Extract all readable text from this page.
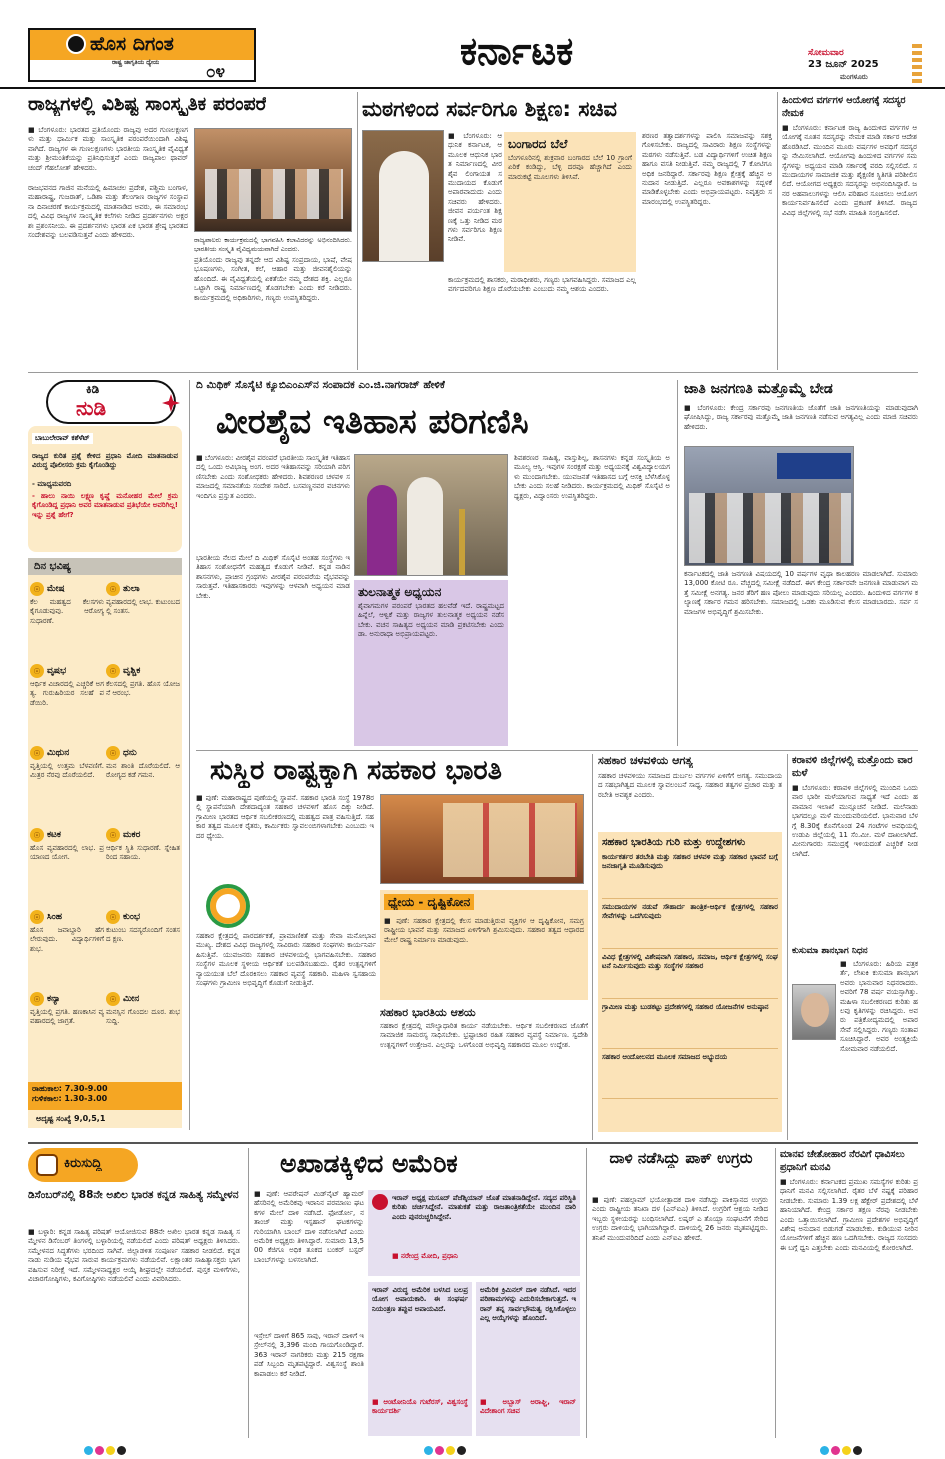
ಹೊಸ ದಿಗಂತ
ರಾಷ್ಟ್ರ ಜಾಗೃತಿಯ ಧ್ಯೇಯ	೦೪	ಕರ್ನಾಟಕ	ಸೋಮವಾರ
23 ಜೂನ್ 2025
ಮಂಗಳೂರು
ರಾಜ್ಯಗಳಲ್ಲಿ ವಿಶಿಷ್ಟ ಸಾಂಸ್ಕೃತಿಕ ಪರಂಪರೆ
■ ಬೆಂಗಳೂರು: ಭಾರತದ ಪ್ರತಿಯೊಂದು ರಾಜ್ಯವು ಅದರ ಗುಣಲಕ್ಷಣಗಳು ಮತ್ತು ಧಾರ್ಮಿಕ ಮತ್ತು ಸಾಂಸ್ಕೃತಿಕ ಪರಂಪರೆಯಿಂದಾಗಿ ವಿಶಿಷ್ಟವಾಗಿದೆ. ರಾಜ್ಯಗಳ ಈ ಗುಣಲಕ್ಷಣಗಳು ಭಾರತೀಯ ಸಾಂಸ್ಕೃತಿಕ ವೈವಿಧ್ಯತೆ ಮತ್ತು ಶ್ರೀಮಂತಿಕೆಯನ್ನು ಪ್ರತಿನಿಧಿಸುತ್ತವೆ ಎಂದು ರಾಜ್ಯಪಾಲ ಥಾವರ್ ಚಂದ್ ಗೆಹಲೋತ್ ಹೇಳಿದರು.
ರಾಜಭವನದ ಗಾಜಿನ ಮನೆಯಲ್ಲಿ ಹಿಮಾಚಲ ಪ್ರದೇಶ, ಪಶ್ಚಿಮ ಬಂಗಾಳ, ಮಹಾರಾಷ್ಟ್ರ, ಗುಜರಾತ್, ಒಡಿಶಾ ಮತ್ತು ತೆಲಂಗಾಣ ರಾಜ್ಯಗಳ ಸಂಸ್ಥಾಪನಾ ದಿನಾಚರಣೆ ಕಾರ್ಯಕ್ರಮದಲ್ಲಿ ಮಾತನಾಡಿದ ಅವರು, ಈ ಸಮಾರಂಭದಲ್ಲಿ ವಿವಿಧ ರಾಜ್ಯಗಳ ಸಾಂಸ್ಕೃತಿಕ ಕಲೆಗಳು ನೀಡಿದ ಪ್ರದರ್ಶನಗಳು ಅಕ್ಷರಶಃ ಪ್ರಶಂಸನೀಯ. ಈ ಪ್ರದರ್ಶನಗಳು ಭಾರತ ಏಕ ಭಾರತ ಶ್ರೇಷ್ಠ ಭಾರತದ ಸಂದೇಶವನ್ನು ಬಲಪಡಿಸುತ್ತವೆ ಎಂದು ಹೇಳಿದರು.
ರಾಜ್ಯಪಾಲರು ಕಾರ್ಯಕ್ರಮದಲ್ಲಿ ಭಾಗವಹಿಸಿ ಕಲಾವಿದರನ್ನು ಅಭಿನಂದಿಸಿದರು. ಭಾರತೀಯ ಸಂಸ್ಕೃತಿ ವೈವಿಧ್ಯಮಯವಾಗಿದೆ ಎಂದರು.
ಪ್ರತಿಯೊಂದು ರಾಜ್ಯವು ತನ್ನದೇ ಆದ ವಿಶಿಷ್ಟ ಸಂಪ್ರದಾಯ, ಭಾಷೆ, ವೇಷಭೂಷಣಗಳು, ಸಂಗೀತ, ಕಲೆ, ಆಹಾರ ಮತ್ತು ಜೀವನಶೈಲಿಯನ್ನು ಹೊಂದಿದೆ. ಈ ವೈವಿಧ್ಯತೆಯಲ್ಲಿ ಏಕತೆಯೇ ನಮ್ಮ ದೇಶದ ಶಕ್ತಿ. ಎಲ್ಲರೂ ಒಟ್ಟಾಗಿ ರಾಷ್ಟ್ರ ನಿರ್ಮಾಣದಲ್ಲಿ ತೊಡಗಬೇಕು ಎಂದು ಕರೆ ನೀಡಿದರು. ಕಾರ್ಯಕ್ರಮದಲ್ಲಿ ಅಧಿಕಾರಿಗಳು, ಗಣ್ಯರು ಉಪಸ್ಥಿತರಿದ್ದರು.
ಮಠಗಳಿಂದ ಸರ್ವರಿಗೂ ಶಿಕ್ಷಣ: ಸಚಿವ
■ ಬೆಂಗಳೂರು: ಆಧುನಿಕ ಕರ್ನಾಟಕ, ಆ ಮೂಲಕ ಆಧುನಿಕ ಭಾರತ ನಿರ್ಮಾಣದಲ್ಲಿ ವೀರಶೈವ ಲಿಂಗಾಯತ ಸಮುದಾಯದ ಕೊಡುಗೆ ಅಪಾರವಾದುದು ಎಂದು ಸಚಿವರು ಹೇಳಿದರು. ಜೀವನ ಪರ್ಯಂತ ಶಿಕ್ಷಣಕ್ಕೆ ಒತ್ತು ನೀಡಿದ ಮಠಗಳು ಸರ್ವರಿಗೂ ಶಿಕ್ಷಣ ನೀಡಿವೆ.
ಬಂಗಾರದ ಬೆಲೆ
ಬೆಂಗಳೂರಿನಲ್ಲಿ ಶುಕ್ರವಾರ ಬಂಗಾರದ ಬೆಲೆ 10 ಗ್ರಾಂಗೆ ಏರಿಕೆ ಕಂಡಿದ್ದು, ಬೆಳ್ಳಿ ದರವೂ ಹೆಚ್ಚಾಗಿದೆ ಎಂದು ಮಾರುಕಟ್ಟೆ ಮೂಲಗಳು ತಿಳಿಸಿವೆ.
ಕಾರ್ಯಕ್ರಮದಲ್ಲಿ ಶಾಸಕರು, ಮಠಾಧೀಶರು, ಗಣ್ಯರು ಭಾಗವಹಿಸಿದ್ದರು. ಸಮಾಜದ ಎಲ್ಲ ವರ್ಗದವರಿಗೂ ಶಿಕ್ಷಣ ದೊರೆಯಬೇಕು ಎಂಬುದು ನಮ್ಮ ಆಶಯ ಎಂದರು.
ಶರಣರ ತತ್ವಾದರ್ಶಗಳನ್ನು ಪಾಲಿಸಿ ಸಮಾಜವನ್ನು ಸಶಕ್ತಗೊಳಿಸಬೇಕು. ರಾಜ್ಯದಲ್ಲಿ ಸಾವಿರಾರು ಶಿಕ್ಷಣ ಸಂಸ್ಥೆಗಳನ್ನು ಮಠಗಳು ನಡೆಸುತ್ತಿವೆ. ಬಡ ವಿದ್ಯಾರ್ಥಿಗಳಿಗೆ ಉಚಿತ ಶಿಕ್ಷಣ ಹಾಗೂ ವಸತಿ ನೀಡುತ್ತಿವೆ. ನಮ್ಮ ರಾಜ್ಯದಲ್ಲಿ 7 ಕೋಟಿಗೂ ಅಧಿಕ ಜನರಿದ್ದಾರೆ. ಸರ್ಕಾರವು ಶಿಕ್ಷಣ ಕ್ಷೇತ್ರಕ್ಕೆ ಹೆಚ್ಚಿನ ಅನುದಾನ ನೀಡುತ್ತಿದೆ. ಎಲ್ಲರೂ ಅವಕಾಶಗಳನ್ನು ಸದ್ಬಳಕೆ ಮಾಡಿಕೊಳ್ಳಬೇಕು ಎಂದು ಅಭಿಪ್ರಾಯಪಟ್ಟರು. ನಿವೃತ್ತರು ಸಮಾರಂಭದಲ್ಲಿ ಉಪಸ್ಥಿತರಿದ್ದರು.
ಹಿಂದುಳಿದ ವರ್ಗಗಳ ಆಯೋಗಕ್ಕೆ ಸದಸ್ಯರ ನೇಮಕ
■ ಬೆಂಗಳೂರು: ಕರ್ನಾಟಕ ರಾಜ್ಯ ಹಿಂದುಳಿದ ವರ್ಗಗಳ ಆಯೋಗಕ್ಕೆ ನೂತನ ಸದಸ್ಯರನ್ನು ನೇಮಕ ಮಾಡಿ ಸರ್ಕಾರ ಆದೇಶ ಹೊರಡಿಸಿದೆ. ಮುಂದಿನ ಮೂರು ವರ್ಷಗಳ ಅವಧಿಗೆ ಸದಸ್ಯರನ್ನು ನೇಮಿಸಲಾಗಿದೆ. ಆಯೋಗವು ಹಿಂದುಳಿದ ವರ್ಗಗಳ ಸಮಸ್ಯೆಗಳನ್ನು ಅಧ್ಯಯನ ಮಾಡಿ ಸರ್ಕಾರಕ್ಕೆ ವರದಿ ಸಲ್ಲಿಸಲಿದೆ. ಸಮುದಾಯಗಳ ಸಾಮಾಜಿಕ ಮತ್ತು ಶೈಕ್ಷಣಿಕ ಸ್ಥಿತಿಗತಿ ಪರಿಶೀಲಿಸಲಿದೆ. ಆಯೋಗದ ಅಧ್ಯಕ್ಷರು ಸದಸ್ಯರನ್ನು ಅಭಿನಂದಿಸಿದ್ದಾರೆ. ಜನರ ಅಹವಾಲುಗಳನ್ನು ಆಲಿಸಿ ಪರಿಹಾರ ಸೂಚಿಸಲು ಆಯೋಗ ಕಾರ್ಯನಿರ್ವಹಿಸಲಿದೆ ಎಂದು ಪ್ರಕಟಣೆ ತಿಳಿಸಿದೆ. ರಾಜ್ಯದ ವಿವಿಧ ಜಿಲ್ಲೆಗಳಲ್ಲಿ ಸಭೆ ನಡೆಸಿ ಮಾಹಿತಿ ಸಂಗ್ರಹಿಸಲಿದೆ.
ಕಿಡಿ
ನುಡಿ
ಬಾಬುಲೇರಾವ್ ಕಶೆಳೆಟ್
ರಾಜ್ಯದ ಕುರಿತ ಪ್ರಶ್ನೆ ಕೇಳಿದ ಪ್ರಧಾನಿ ಮೋದಿ ಮಾತನಾಡುವ ವಿರುದ್ಧ ಪೊಲೀಸರು ಕ್ರಮ ಕೈಗೊಂಡಿದ್ದು
- ಮಾಧ್ಯಮವರದಿ
- ಹಾಲು ನಾಯಿ ಲಕ್ಷ್ಮಣ ಕೃಷ್ಣೆ ಮನೋಹರ ಮೇಲೆ ಕ್ರಮ ಕೈಗೊಂಡಿದ್ದ ಪ್ರಧಾನಿ ಅವರ ಮಾತನಾಡುವ ಪ್ರತಿಭೆಯೇ ಅವರಿಗಿಲ್ಲ! ಇನ್ನು ಪ್ರಶ್ನೆ ಹೇಗೆ?
ದಿನ ಭವಿಷ್ಯ
☉ ಮೇಷ
ಕೆಲ ಮಹತ್ವದ ಕೆಲಸಗಳು ಕೈಗೂಡುವುವು. ಆರೋಗ್ಯ ಸುಧಾರಣೆ.
☉ ತುಲಾ
ವ್ಯವಹಾರದಲ್ಲಿ ಲಾಭ. ಕುಟುಂಬದಲ್ಲಿ ಸಂತಸ.
☉ ವೃಷಭ
ಆರ್ಥಿಕ ವಿಚಾರದಲ್ಲಿ ಎಚ್ಚರಿಕೆ ಅಗತ್ಯ. ಗುರುಹಿರಿಯರ ಸಲಹೆ ಪಡೆಯಿರಿ.
☉ ವೃಶ್ಚಿಕ
ಕೆಲಸದಲ್ಲಿ ಪ್ರಗತಿ. ಹೊಸ ಯೋಜನೆ ಆರಂಭ.
☉ ಮಿಥುನ
ವೃತ್ತಿಯಲ್ಲಿ ಉತ್ತಮ ಬೆಳವಣಿಗೆ. ಮಿತ್ರರ ನೆರವು ದೊರೆಯಲಿದೆ.
☉ ಧನು
ಮನ ಶಾಂತಿ ದೊರೆಯಲಿದೆ. ಆರೋಗ್ಯದ ಕಡೆ ಗಮನ.
☉ ಕಟಕ
ಹೊಸ ವ್ಯವಹಾರದಲ್ಲಿ ಲಾಭ. ಪ್ರಯಾಣದ ಯೋಗ.
☉ ಮಕರ
ಆರ್ಥಿಕ ಸ್ಥಿತಿ ಸುಧಾರಣೆ. ಸ್ನೇಹಿತರಿಂದ ಸಹಾಯ.
☉ ಸಿಂಹ
ಹೊಸ ಜವಾಬ್ದಾರಿ ಹೆಗಲೇರುವುದು. ವಿದ್ಯಾರ್ಥಿಗಳಿಗೆ ಶುಭ.
☉ ಕುಂಭ
ಕುಟುಂಬ ಸದಸ್ಯರೊಂದಿಗೆ ಸಂತಸದ ಕ್ಷಣ.
☉ ಕನ್ಯಾ
ವೃತ್ತಿಯಲ್ಲಿ ಪ್ರಗತಿ. ಹಣಕಾಸಿನ ವ್ಯವಹಾರದಲ್ಲಿ ಜಾಗ್ರತೆ.
☉ ಮೀನ
ಮನಸ್ಸಿನ ಗೊಂದಲ ದೂರ. ಶುಭ ಸುದ್ದಿ.
ರಾಹುಕಾಲ: 7.30-9.00
ಗುಳಿಕಕಾಲ: 1.30-3.00
ಅದೃಷ್ಟ ಸಂಖ್ಯೆ 9,0,5,1
ದಿ ಮಿಥಿಕ್ ಸೊಸೈಟಿ ಕ್ಯೂಬಿಎಂಎಸ್‌ನ ಸಂಪಾದಕ ಎಂ.ಜಿ.ನಾಗರಾಜ್ ಹೇಳಿಕೆ
ವೀರಶೈವ ಇತಿಹಾಸ ಪರಿಗಣಿಸಿ
■ ಬೆಂಗಳೂರು: ವೀರಶೈವ ಪರಂಪರೆ ಭಾರತೀಯ ಸಾಂಸ್ಕೃತಿಕ ಇತಿಹಾಸದಲ್ಲಿ ಒಂದು ಅವಿಭಾಜ್ಯ ಅಂಗ. ಅದರ ಇತಿಹಾಸವನ್ನು ಸರಿಯಾಗಿ ಪರಿಗಣಿಸಬೇಕು ಎಂದು ಸಂಶೋಧಕರು ಹೇಳಿದರು. ಶಿವಶರಣರ ಚಳವಳಿ ಸಮಾಜದಲ್ಲಿ ಸಮಾನತೆಯ ಸಂದೇಶ ಸಾರಿದೆ. ಬಸವಣ್ಣನವರ ವಚನಗಳು ಇಂದಿಗೂ ಪ್ರಸ್ತುತ ಎಂದರು.
ಭಾರತೀಯ ನೆಲದ ಮೇಲೆ ದಿ ಮಿಥಿಕ್ ಸೊಸೈಟಿ ಅಂತಹ ಸಂಸ್ಥೆಗಳು ಇತಿಹಾಸ ಸಂಶೋಧನೆಗೆ ಮಹತ್ವದ ಕೊಡುಗೆ ನೀಡಿವೆ. ಕನ್ನಡ ನಾಡಿನ ಶಾಸನಗಳು, ಪ್ರಾಚೀನ ಗ್ರಂಥಗಳು ವೀರಶೈವ ಪರಂಪರೆಯ ವೈಭವವನ್ನು ಸಾರುತ್ತವೆ. ಇತಿಹಾಸಕಾರರು ಇವುಗಳನ್ನು ಆಳವಾಗಿ ಅಧ್ಯಯನ ಮಾಡಬೇಕು.	ತುಲನಾತ್ಮಕ ಅಧ್ಯಯನ
ಶೈವಾಗಮಗಳ ಪರಂಪರೆ ಭಾರತದ ಹಲವೆಡೆ ಇದೆ. ರಾಷ್ಟ್ರಮಟ್ಟದ ಹಿನ್ನೆಲೆ, ಆಳ್ವಿಕೆ ಮತ್ತು ರಾಜ್ಯಗಳ ತುಲನಾತ್ಮಕ ಅಧ್ಯಯನ ನಡೆಸಬೇಕು. ವಚನ ಸಾಹಿತ್ಯದ ಅಧ್ಯಯನ ಮಾಡಿ ಪ್ರಕಟಿಸಬೇಕು ಎಂದು ಡಾ. ಅನುರಾಧಾ ಅಭಿಪ್ರಾಯಪಟ್ಟರು.
ಶಿವಶರಣರ ಸಾಹಿತ್ಯ, ವಾಸ್ತುಶಿಲ್ಪ, ಶಾಸನಗಳು ಕನ್ನಡ ಸಂಸ್ಕೃತಿಯ ಅಮೂಲ್ಯ ಆಸ್ತಿ. ಇವುಗಳ ಸಂರಕ್ಷಣೆ ಮತ್ತು ಅಧ್ಯಯನಕ್ಕೆ ವಿಶ್ವವಿದ್ಯಾಲಯಗಳು ಮುಂದಾಗಬೇಕು. ಯುವಜನತೆ ಇತಿಹಾಸದ ಬಗ್ಗೆ ಆಸಕ್ತಿ ಬೆಳೆಸಿಕೊಳ್ಳಬೇಕು ಎಂದು ಸಲಹೆ ನೀಡಿದರು. ಕಾರ್ಯಕ್ರಮದಲ್ಲಿ ಮಿಥಿಕ್ ಸೊಸೈಟಿ ಅಧ್ಯಕ್ಷರು, ವಿದ್ವಾಂಸರು ಉಪಸ್ಥಿತರಿದ್ದರು.
ಜಾತಿ ಜನಗಣತಿ ಮತ್ತೊಮ್ಮೆ ಬೇಡ
■ ಬೆಂಗಳೂರು: ಕೇಂದ್ರ ಸರ್ಕಾರವು ಜನಗಣತಿಯ ಜೊತೆಗೆ ಜಾತಿ ಜನಗಣತಿಯನ್ನು ಮಾಡುವುದಾಗಿ ಘೋಷಿಸಿದ್ದು, ರಾಜ್ಯ ಸರ್ಕಾರವು ಮತ್ತೊಮ್ಮೆ ಜಾತಿ ಜನಗಣತಿ ನಡೆಸುವ ಅಗತ್ಯವಿಲ್ಲ ಎಂದು ಮಾಜಿ ಸಚಿವರು ಹೇಳಿದರು.
ಕರ್ನಾಟಕದಲ್ಲಿ ಜಾತಿ ಜನಗಣತಿ ವಿಷಯದಲ್ಲಿ 10 ವರ್ಷಗಳ ವೃಥಾ ಕಾಲಹರಣ ಮಾಡಲಾಗಿದೆ. ಸುಮಾರು 13,000 ಕೋಟಿ ರೂ. ವೆಚ್ಚದಲ್ಲಿ ಸಮೀಕ್ಷೆ ನಡೆದಿದೆ. ಈಗ ಕೇಂದ್ರ ಸರ್ಕಾರವೇ ಜನಗಣತಿ ಮಾಡುವಾಗ ಮತ್ತೆ ಸಮೀಕ್ಷೆ ಅನಗತ್ಯ. ಜನರ ತೆರಿಗೆ ಹಣ ಪೋಲು ಮಾಡುವುದು ಸರಿಯಲ್ಲ ಎಂದರು. ಹಿಂದುಳಿದ ವರ್ಗಗಳ ಕಲ್ಯಾಣಕ್ಕೆ ಸರ್ಕಾರ ಗಮನ ಹರಿಸಬೇಕು. ಸಮಾಜದಲ್ಲಿ ಒಡಕು ಮೂಡಿಸುವ ಕೆಲಸ ಮಾಡಬಾರದು. ಸರ್ವ ಸಮಾಜಗಳ ಅಭಿವೃದ್ಧಿಗೆ ಶ್ರಮಿಸಬೇಕು.
ಸುಸ್ಥಿರ ರಾಷ್ಟ್ರಕ್ಕಾಗಿ ಸಹಕಾರ ಭಾರತಿ
■ ಪುಣೆ: ಮಹಾರಾಷ್ಟ್ರದ ಪುಣೆಯಲ್ಲಿ ಸ್ಥಾಪನೆ. ಸಹಕಾರ ಭಾರತಿ ಸಂಸ್ಥೆ 1978ರಲ್ಲಿ ಸ್ಥಾಪನೆಯಾಗಿ ದೇಶದಾದ್ಯಂತ ಸಹಕಾರ ಚಳವಳಿಗೆ ಹೊಸ ದಿಕ್ಕು ನೀಡಿದೆ. ಗ್ರಾಮೀಣ ಭಾರತದ ಆರ್ಥಿಕ ಸಬಲೀಕರಣದಲ್ಲಿ ಮಹತ್ವದ ಪಾತ್ರ ವಹಿಸುತ್ತಿದೆ. ಸಹಕಾರ ತತ್ವದ ಮೂಲಕ ರೈತರು, ಕಾರ್ಮಿಕರು ಸ್ವಾವಲಂಬಿಗಳಾಗಬೇಕು ಎಂಬುದು ಇದರ ಧ್ಯೇಯ.
ಸಹಕಾರ ಕ್ಷೇತ್ರದಲ್ಲಿ ಪಾರದರ್ಶಕತೆ, ಪ್ರಾಮಾಣಿಕತೆ ಮತ್ತು ಸೇವಾ ಮನೋಭಾವ ಮುಖ್ಯ. ದೇಶದ ವಿವಿಧ ರಾಜ್ಯಗಳಲ್ಲಿ ಸಾವಿರಾರು ಸಹಕಾರ ಸಂಘಗಳು ಕಾರ್ಯನಿರ್ವಹಿಸುತ್ತಿವೆ. ಯುವಜನರು ಸಹಕಾರ ಚಳವಳಿಯಲ್ಲಿ ಭಾಗವಹಿಸಬೇಕು. ಸಹಕಾರ ಸಂಸ್ಥೆಗಳ ಮೂಲಕ ಸ್ಥಳೀಯ ಆರ್ಥಿಕತೆ ಬಲಪಡಿಸಬಹುದು. ರೈತರ ಉತ್ಪನ್ನಗಳಿಗೆ ನ್ಯಾಯಯುತ ಬೆಲೆ ದೊರಕಿಸಲು ಸಹಕಾರ ವ್ಯವಸ್ಥೆ ಸಹಕಾರಿ. ಮಹಿಳಾ ಸ್ವಸಹಾಯ ಸಂಘಗಳು ಗ್ರಾಮೀಣ ಅಭಿವೃದ್ಧಿಗೆ ಕೊಡುಗೆ ನೀಡುತ್ತಿವೆ.
ಧ್ಯೇಯ - ದೃಷ್ಟಿಕೋನ
■ ಪುಣೆ: ಸಹಕಾರ ಕ್ಷೇತ್ರದಲ್ಲಿ ಕೆಲಸ ಮಾಡುತ್ತಿರುವ ವ್ಯಕ್ತಿಗಳ ಆ ದೃಷ್ಟಿಕೋನ, ಸಮಗ್ರ ರಾಷ್ಟ್ರೀಯ ಭಾವನೆ ಮತ್ತು ಸಮಾಜದ ಏಳಿಗೆಗಾಗಿ ಶ್ರಮಿಸುವುದು. ಸಹಕಾರ ತತ್ವದ ಆಧಾರದ ಮೇಲೆ ರಾಷ್ಟ್ರ ನಿರ್ಮಾಣ ಮಾಡುವುದು.
ಸಹಕಾರ ಭಾರತಿಯ ಆಶಯ
ಸಹಕಾರ ಕ್ಷೇತ್ರದಲ್ಲಿ ಮೌಲ್ಯಾಧಾರಿತ ಕಾರ್ಯ ನಡೆಯಬೇಕು. ಆರ್ಥಿಕ ಸಬಲೀಕರಣದ ಜೊತೆಗೆ ಸಾಮಾಜಿಕ ಸಾಮರಸ್ಯ ಸಾಧಿಸಬೇಕು. ಭ್ರಷ್ಟಾಚಾರ ರಹಿತ ಸಹಕಾರ ವ್ಯವಸ್ಥೆ ನಿರ್ಮಾಣ. ಸ್ವದೇಶಿ ಉತ್ಪನ್ನಗಳಿಗೆ ಉತ್ತೇಜನ. ಎಲ್ಲರನ್ನು ಒಳಗೊಂಡ ಅಭಿವೃದ್ಧಿ ಸಹಕಾರದ ಮೂಲ ಉದ್ದೇಶ.
ಸಹಕಾರ ಚಳವಳಿಯ ಆಗತ್ಯ
ಸಹಕಾರ ಚಳವಳಿಯು ಸಮಾಜದ ದುರ್ಬಲ ವರ್ಗಗಳ ಏಳಿಗೆಗೆ ಅಗತ್ಯ. ಸಮುದಾಯದ ಸಹಭಾಗಿತ್ವದ ಮೂಲಕ ಸ್ವಾವಲಂಬನೆ ಸಾಧ್ಯ. ಸಹಕಾರ ತತ್ವಗಳ ಪ್ರಚಾರ ಮತ್ತು ತರಬೇತಿ ಅವಶ್ಯಕ ಎಂದರು.
ಸಹಕಾರ ಭಾರತಿಯ ಗುರಿ ಮತ್ತು ಉದ್ದೇಶಗಳು
ಕಾರ್ಯಕರ್ತರ ತರಬೇತಿ ಮತ್ತು ಸಹಕಾರ ಚಳವಳಿ ಮತ್ತು ಸಹಕಾರ ಭಾವನೆ ಬಗ್ಗೆ ಜನಜಾಗೃತಿ ಮೂಡಿಸುವುದು
ಸಮುದಾಯಗಳ ನಡುವೆ ಸೌಹಾರ್ದ ತಾಂತ್ರಿಕ-ಆರ್ಥಿಕ ಕ್ಷೇತ್ರಗಳಲ್ಲಿ ಸಹಕಾರ ಸೇವೆಗಳನ್ನು ಒದಗಿಸುವುದು
ವಿವಿಧ ಕ್ಷೇತ್ರಗಳಲ್ಲಿ ವಿಶೇಷವಾಗಿ ಸಹಕಾರ, ಸಮಾಜ, ಆರ್ಥಿಕ ಕ್ಷೇತ್ರಗಳಲ್ಲಿ ಸಂಘಟನೆ ನಿರ್ಮಿಸುವುದು ಮತ್ತು ಸಂಸ್ಥೆಗಳ ಸಹಕಾರ
ಗ್ರಾಮೀಣ ಮತ್ತು ಬುಡಕಟ್ಟು ಪ್ರದೇಶಗಳಲ್ಲಿ ಸಹಕಾರ ಯೋಜನೆಗಳ ಅನುಷ್ಠಾನ
ಸಹಕಾರ ಆಂದೋಲನದ ಮೂಲಕ ಸಮಾಜದ ಅಭ್ಯುದಯ
ಕರಾವಳಿ ಜಿಲ್ಲೆಗಳಲ್ಲಿ ಮತ್ತೊಂದು ವಾರ ಮಳೆ
■ ಬೆಂಗಳೂರು: ಕರಾವಳಿ ಜಿಲ್ಲೆಗಳಲ್ಲಿ ಮುಂದಿನ ಒಂದು ವಾರ ಭಾರೀ ಮಳೆಯಾಗುವ ಸಾಧ್ಯತೆ ಇದೆ ಎಂದು ಹವಾಮಾನ ಇಲಾಖೆ ಮುನ್ಸೂಚನೆ ನೀಡಿದೆ. ಮಲೆನಾಡು ಭಾಗದಲ್ಲೂ ಮಳೆ ಮುಂದುವರಿಯಲಿದೆ. ಭಾನುವಾರ ಬೆಳಗ್ಗೆ 8.30ಕ್ಕೆ ಕೊನೆಗೊಂಡ 24 ಗಂಟೆಗಳ ಅವಧಿಯಲ್ಲಿ ಉಡುಪಿ ಜಿಲ್ಲೆಯಲ್ಲಿ 11 ಸೆಂ.ಮೀ. ಮಳೆ ದಾಖಲಾಗಿದೆ. ಮೀನುಗಾರರು ಸಮುದ್ರಕ್ಕೆ ಇಳಿಯದಂತೆ ಎಚ್ಚರಿಕೆ ನೀಡಲಾಗಿದೆ.
ಕುಸುಮಾ ಶಾನಭಾಗ ನಿಧನ
■ ಬೆಂಗಳೂರು: ಹಿರಿಯ ಪತ್ರಕರ್ತೆ, ಲೇಖಕಿ ಕುಸುಮಾ ಶಾನಭಾಗ ಅವರು ಭಾನುವಾರ ನಿಧನರಾದರು. ಅವರಿಗೆ 78 ವರ್ಷ ವಯಸ್ಸಾಗಿತ್ತು. ಮಹಿಳಾ ಸಬಲೀಕರಣದ ಕುರಿತು ಹಲವು ಕೃತಿಗಳನ್ನು ರಚಿಸಿದ್ದರು. ಅವರು ಪತ್ರಿಕೋದ್ಯಮದಲ್ಲಿ ಅಪಾರ ಸೇವೆ ಸಲ್ಲಿಸಿದ್ದರು. ಗಣ್ಯರು ಸಂತಾಪ ಸೂಚಿಸಿದ್ದಾರೆ. ಅವರ ಅಂತ್ಯಕ್ರಿಯೆ ಸೋಮವಾರ ನಡೆಯಲಿದೆ.
ಕಿರುಸುದ್ದಿ
ಡಿಸೆಂಬರ್‌ನಲ್ಲಿ 88ನೇ ಅಖಿಲ ಭಾರತ ಕನ್ನಡ ಸಾಹಿತ್ಯ ಸಮ್ಮೇಳನ
■ ಬಳ್ಳಾರಿ: ಕನ್ನಡ ಸಾಹಿತ್ಯ ಪರಿಷತ್ ಆಯೋಜಿಸುವ 88ನೇ ಅಖಿಲ ಭಾರತ ಕನ್ನಡ ಸಾಹಿತ್ಯ ಸಮ್ಮೇಳನ ಡಿಸೆಂಬರ್ ತಿಂಗಳಲ್ಲಿ ಬಳ್ಳಾರಿಯಲ್ಲಿ ನಡೆಯಲಿದೆ ಎಂದು ಪರಿಷತ್ ಅಧ್ಯಕ್ಷರು ತಿಳಿಸಿದರು. ಸಮ್ಮೇಳನದ ಸಿದ್ಧತೆಗಳು ಭರದಿಂದ ಸಾಗಿವೆ. ಜಿಲ್ಲಾಡಳಿತ ಸಂಪೂರ್ಣ ಸಹಕಾರ ನೀಡಲಿದೆ. ಕನ್ನಡ ನಾಡು ನುಡಿಯ ವೈಭವ ಸಾರುವ ಕಾರ್ಯಕ್ರಮಗಳು ನಡೆಯಲಿವೆ. ಲಕ್ಷಾಂತರ ಸಾಹಿತ್ಯಾಸಕ್ತರು ಭಾಗವಹಿಸುವ ನಿರೀಕ್ಷೆ ಇದೆ. ಸಮ್ಮೇಳನಾಧ್ಯಕ್ಷರ ಆಯ್ಕೆ ಶೀಘ್ರದಲ್ಲೇ ನಡೆಯಲಿದೆ. ಪುಸ್ತಕ ಮಳಿಗೆಗಳು, ವಿಚಾರಗೋಷ್ಠಿಗಳು, ಕವಿಗೋಷ್ಠಿಗಳು ನಡೆಯಲಿವೆ ಎಂದು ವಿವರಿಸಿದರು.
ಅಖಾಡಕ್ಕಿಳಿದ ಅಮೆರಿಕ
■ ಪುಣೆ: ಆಪರೇಷನ್ ಮಿಡ್‌ನೈಟ್ ಹ್ಯಾಮರ್ ಹೆಸರಿನಲ್ಲಿ ಅಮೆರಿಕವು ಇರಾನಿನ ಪರಮಾಣು ಘಟಕಗಳ ಮೇಲೆ ದಾಳಿ ನಡೆಸಿದೆ. ಫೋರ್ಡೋ, ನತಾಂಜ್ ಮತ್ತು ಇಸ್ಫಹಾನ್ ಘಟಕಗಳನ್ನು ಗುರಿಯಾಗಿಸಿ ಬಾಂಬ್ ದಾಳಿ ನಡೆಸಲಾಗಿದೆ ಎಂದು ಅಮೆರಿಕ ಅಧ್ಯಕ್ಷರು ತಿಳಿಸಿದ್ದಾರೆ. ಸುಮಾರು 13,500 ಕೆಜಿಗೂ ಅಧಿಕ ತೂಕದ ಬಂಕರ್ ಬಸ್ಟರ್ ಬಾಂಬ್‌ಗಳನ್ನು ಬಳಸಲಾಗಿದೆ.
ಇಸ್ರೇಲ್ ದಾಳಿಗೆ 865 ಸಾವು, ಇರಾನ್ ದಾಳಿಗೆ ಇಸ್ರೇಲ್‌ನಲ್ಲಿ 3,396 ಮಂದಿ ಗಾಯಗೊಂಡಿದ್ದಾರೆ. 363 ಇರಾನ್ ನಾಗರಿಕರು ಮತ್ತು 215 ರಕ್ಷಣಾ ಪಡೆ ಸಿಬ್ಬಂದಿ ಮೃತಪಟ್ಟಿದ್ದಾರೆ. ವಿಶ್ವಸಂಸ್ಥೆ ಶಾಂತಿ ಕಾಪಾಡಲು ಕರೆ ನೀಡಿದೆ.
ಇರಾನ್ ಅಧ್ಯಕ್ಷ ಮಸೂದ್ ಪೆಜೆಶ್ಕಿಯಾನ್ ಜೊತೆ ಮಾತನಾಡಿದ್ದೇನೆ. ಸದ್ಯದ ಪರಿಸ್ಥಿತಿ ಕುರಿತು ಚರ್ಚಿಸಿದ್ದೇನೆ. ಮಾತುಕತೆ ಮತ್ತು ರಾಜತಾಂತ್ರಿಕತೆಯೇ ಮುಂದಿನ ದಾರಿ ಎಂದು ಪುನರುಚ್ಚರಿಸಿದ್ದೇನೆ.
■ ನರೇಂದ್ರ ಮೋದಿ, ಪ್ರಧಾನಿ
ಇರಾನ್ ವಿರುದ್ಧ ಅಮೆರಿಕ ಬಳಸಿದ ಬಲಪ್ರಯೋಗ ಅಪಾಯಕಾರಿ. ಈ ಸಂಘರ್ಷ ನಿಯಂತ್ರಣ ತಪ್ಪುವ ಅಪಾಯವಿದೆ.
■ ಆಂಟೋನಿಯೊ ಗುಟೆರಸ್, ವಿಶ್ವಸಂಸ್ಥೆ ಕಾರ್ಯದರ್ಶಿ
ಅಮೆರಿಕ ಕ್ರಿಮಿನಲ್ ದಾಳಿ ನಡೆಸಿದೆ. ಇದರ ಪರಿಣಾಮಗಳನ್ನು ಎದುರಿಸಬೇಕಾಗುತ್ತದೆ. ಇರಾನ್ ತನ್ನ ಸಾರ್ವಭೌಮತ್ವ ರಕ್ಷಿಸಿಕೊಳ್ಳಲು ಎಲ್ಲ ಆಯ್ಕೆಗಳನ್ನು ಹೊಂದಿದೆ.
■ ಅಬ್ಬಾಸ್ ಅರಾಘ್ಚಿ, ಇರಾನ್ ವಿದೇಶಾಂಗ ಸಚಿವ
ದಾಳಿ ನಡೆಸಿದ್ದು ಪಾಕ್ ಉಗ್ರರು
■ ಪುಣೆ: ಪಹಲ್ಗಾಮ್ ಭಯೋತ್ಪಾದಕ ದಾಳಿ ನಡೆಸಿದ್ದು ಪಾಕಿಸ್ತಾನದ ಉಗ್ರರು ಎಂದು ರಾಷ್ಟ್ರೀಯ ತನಿಖಾ ದಳ (ಎನ್‌ಐಎ) ತಿಳಿಸಿದೆ. ಉಗ್ರರಿಗೆ ಆಶ್ರಯ ನೀಡಿದ ಇಬ್ಬರು ಸ್ಥಳೀಯರನ್ನು ಬಂಧಿಸಲಾಗಿದೆ. ಲಷ್ಕರ್ ಎ ತೊಯ್ಬಾ ಸಂಘಟನೆಗೆ ಸೇರಿದ ಉಗ್ರರು ದಾಳಿಯಲ್ಲಿ ಭಾಗಿಯಾಗಿದ್ದಾರೆ. ದಾಳಿಯಲ್ಲಿ 26 ಜನರು ಮೃತಪಟ್ಟಿದ್ದರು. ತನಿಖೆ ಮುಂದುವರಿದಿದೆ ಎಂದು ಎನ್‌ಐಎ ಹೇಳಿದೆ.
ಮಾನವ ಚೇತೋಹಾರ ನೆರವಿಗೆ ಧಾವಿಸಲು ಪ್ರಧಾನಿಗೆ ಮನವಿ
■ ಬೆಂಗಳೂರು: ಕರ್ನಾಟಕದ ಪ್ರಮುಖ ಸಮಸ್ಯೆಗಳ ಕುರಿತು ಪ್ರಧಾನಿಗೆ ಮನವಿ ಸಲ್ಲಿಸಲಾಗಿದೆ. ರೈತರ ಬೆಳೆ ನಷ್ಟಕ್ಕೆ ಪರಿಹಾರ ನೀಡಬೇಕು. ಸುಮಾರು 1.39 ಲಕ್ಷ ಹೆಕ್ಟೇರ್ ಪ್ರದೇಶದಲ್ಲಿ ಬೆಳೆ ಹಾನಿಯಾಗಿದೆ. ಕೇಂದ್ರ ಸರ್ಕಾರ ತಕ್ಷಣ ನೆರವು ನೀಡಬೇಕು ಎಂದು ಒತ್ತಾಯಿಸಲಾಗಿದೆ. ಗ್ರಾಮೀಣ ಪ್ರದೇಶಗಳ ಅಭಿವೃದ್ಧಿಗೆ ವಿಶೇಷ ಅನುದಾನ ಬಿಡುಗಡೆ ಮಾಡಬೇಕು. ಕುಡಿಯುವ ನೀರಿನ ಯೋಜನೆಗಳಿಗೆ ಹೆಚ್ಚಿನ ಹಣ ಒದಗಿಸಬೇಕು. ರಾಜ್ಯದ ಸಂಸದರು ಈ ಬಗ್ಗೆ ಧ್ವನಿ ಎತ್ತಬೇಕು ಎಂದು ಮನವಿಯಲ್ಲಿ ಕೋರಲಾಗಿದೆ.
